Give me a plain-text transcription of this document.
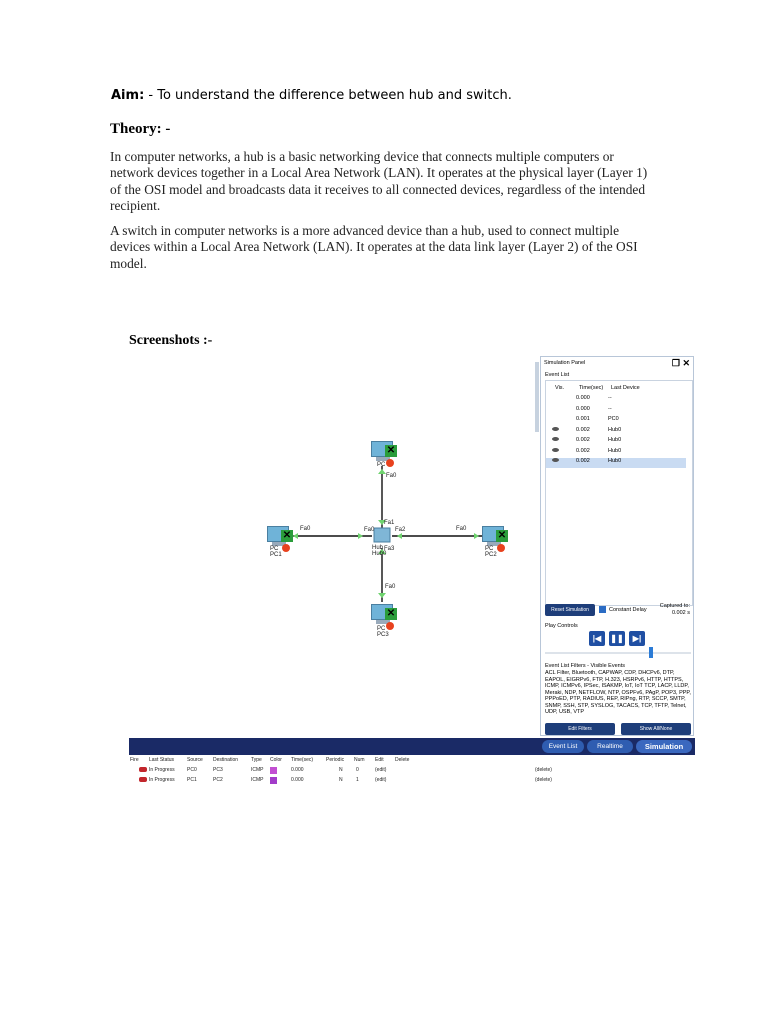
Aim: - To understand the difference between hub and switch.
Theory: -
In computer networks, a hub is a basic networking device that connects multiple computers or network devices together in a Local Area Network (LAN). It operates at the physical layer (Layer 1) of the OSI model and broadcasts data it receives to all connected devices, regardless of the intended recipient.
A switch in computer networks is a more advanced device than a hub, used to connect multiple devices within a Local Area Network (LAN). It operates at the data link layer (Layer 2) of the OSI model.
Screenshots :-
✕
PC
✕
PC
PC1
✕
PC
PC2
✕
PC
PC3
Hub
Hub0
Fa0
Fa0	Fa0
Fa0
Fa1
Fa2
Fa0
Fa3
Simulation Panel	❐ ✕
Event List
Vis.	Time(sec) Last Device
0.000	--
0.000	--
0.001	PC0
0.002	Hub0
0.002	Hub0
0.002	Hub0
0.002	Hub0
Reset Simulation	Constant Delay
Captured to:
0.002 s
Play Controls
|◀	❚❚	▶|
Event List Filters - Visible Events
ACL Filter, Bluetooth, CAPWAP, CDP, DHCPv6, DTP, EAPOL, EIGRPv6, FTP, H.323, HSRPv6, HTTP, HTTPS, ICMP, ICMPv6, IPSec, ISAKMP, IoT, IoT TCP, LACP, LLDP, Meraki, NDP, NETFLOW, NTP, OSPFv6, PAgP, POP3, PPP, PPPoED, PTP, RADIUS, REP, RIPng, RTP, SCCP, SMTP, SNMP, SSH, STP, SYSLOG, TACACS, TCP, TFTP, Telnet, UDP, USB, VTP
Edit Filters	Show All/None
Event List	Realtime	Simulation
Fire Last Status	Source Destination	Type Color Time(sec)	Periodic Num Edit Delete
In Progress PC0	PC3	ICMP	0.000	N	0	(edit)	(delete)
In Progress PC1	PC2	ICMP	0.000	N	1	(edit)	(delete)
